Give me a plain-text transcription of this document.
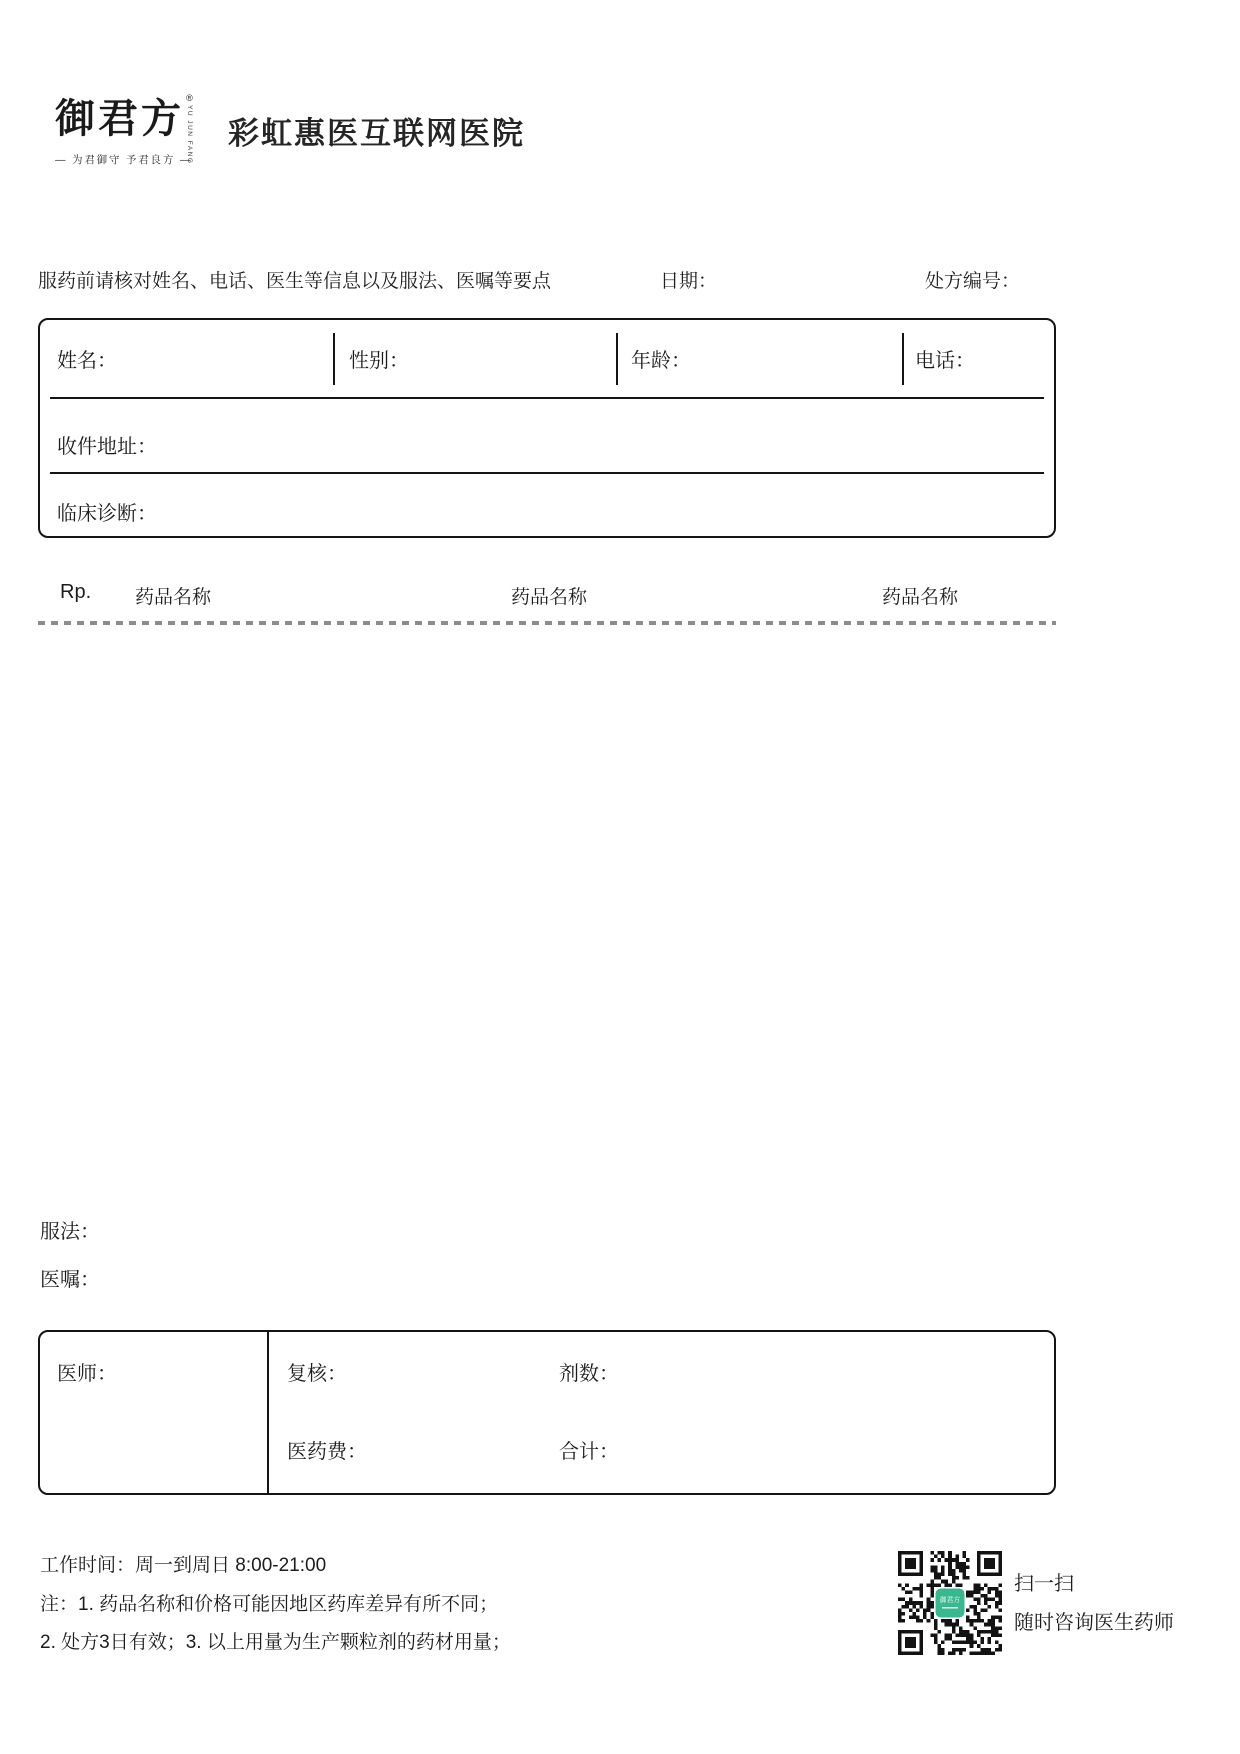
御君方 ®
YU JUN FANG
— 为君御守 予君良方 —
彩虹惠医互联网医院
服药前请核对姓名、电话、医生等信息以及服法、医嘱等要点	日期：	处方编号：
姓名：	性别：	年龄：	电话：
收件地址：
临床诊断：
Rp. 药品名称	药品名称	药品名称
服法：
医嘱：
医师：	复核：	剂数：
医药费：	合计：
工作时间：周一到周日 8:00-21:00
注：1. 药品名称和价格可能因地区药库差异有所不同；
2. 处方3日有效；3. 以上用量为生产颗粒剂的药材用量；
御君方
扫一扫
随时咨询医生药师
